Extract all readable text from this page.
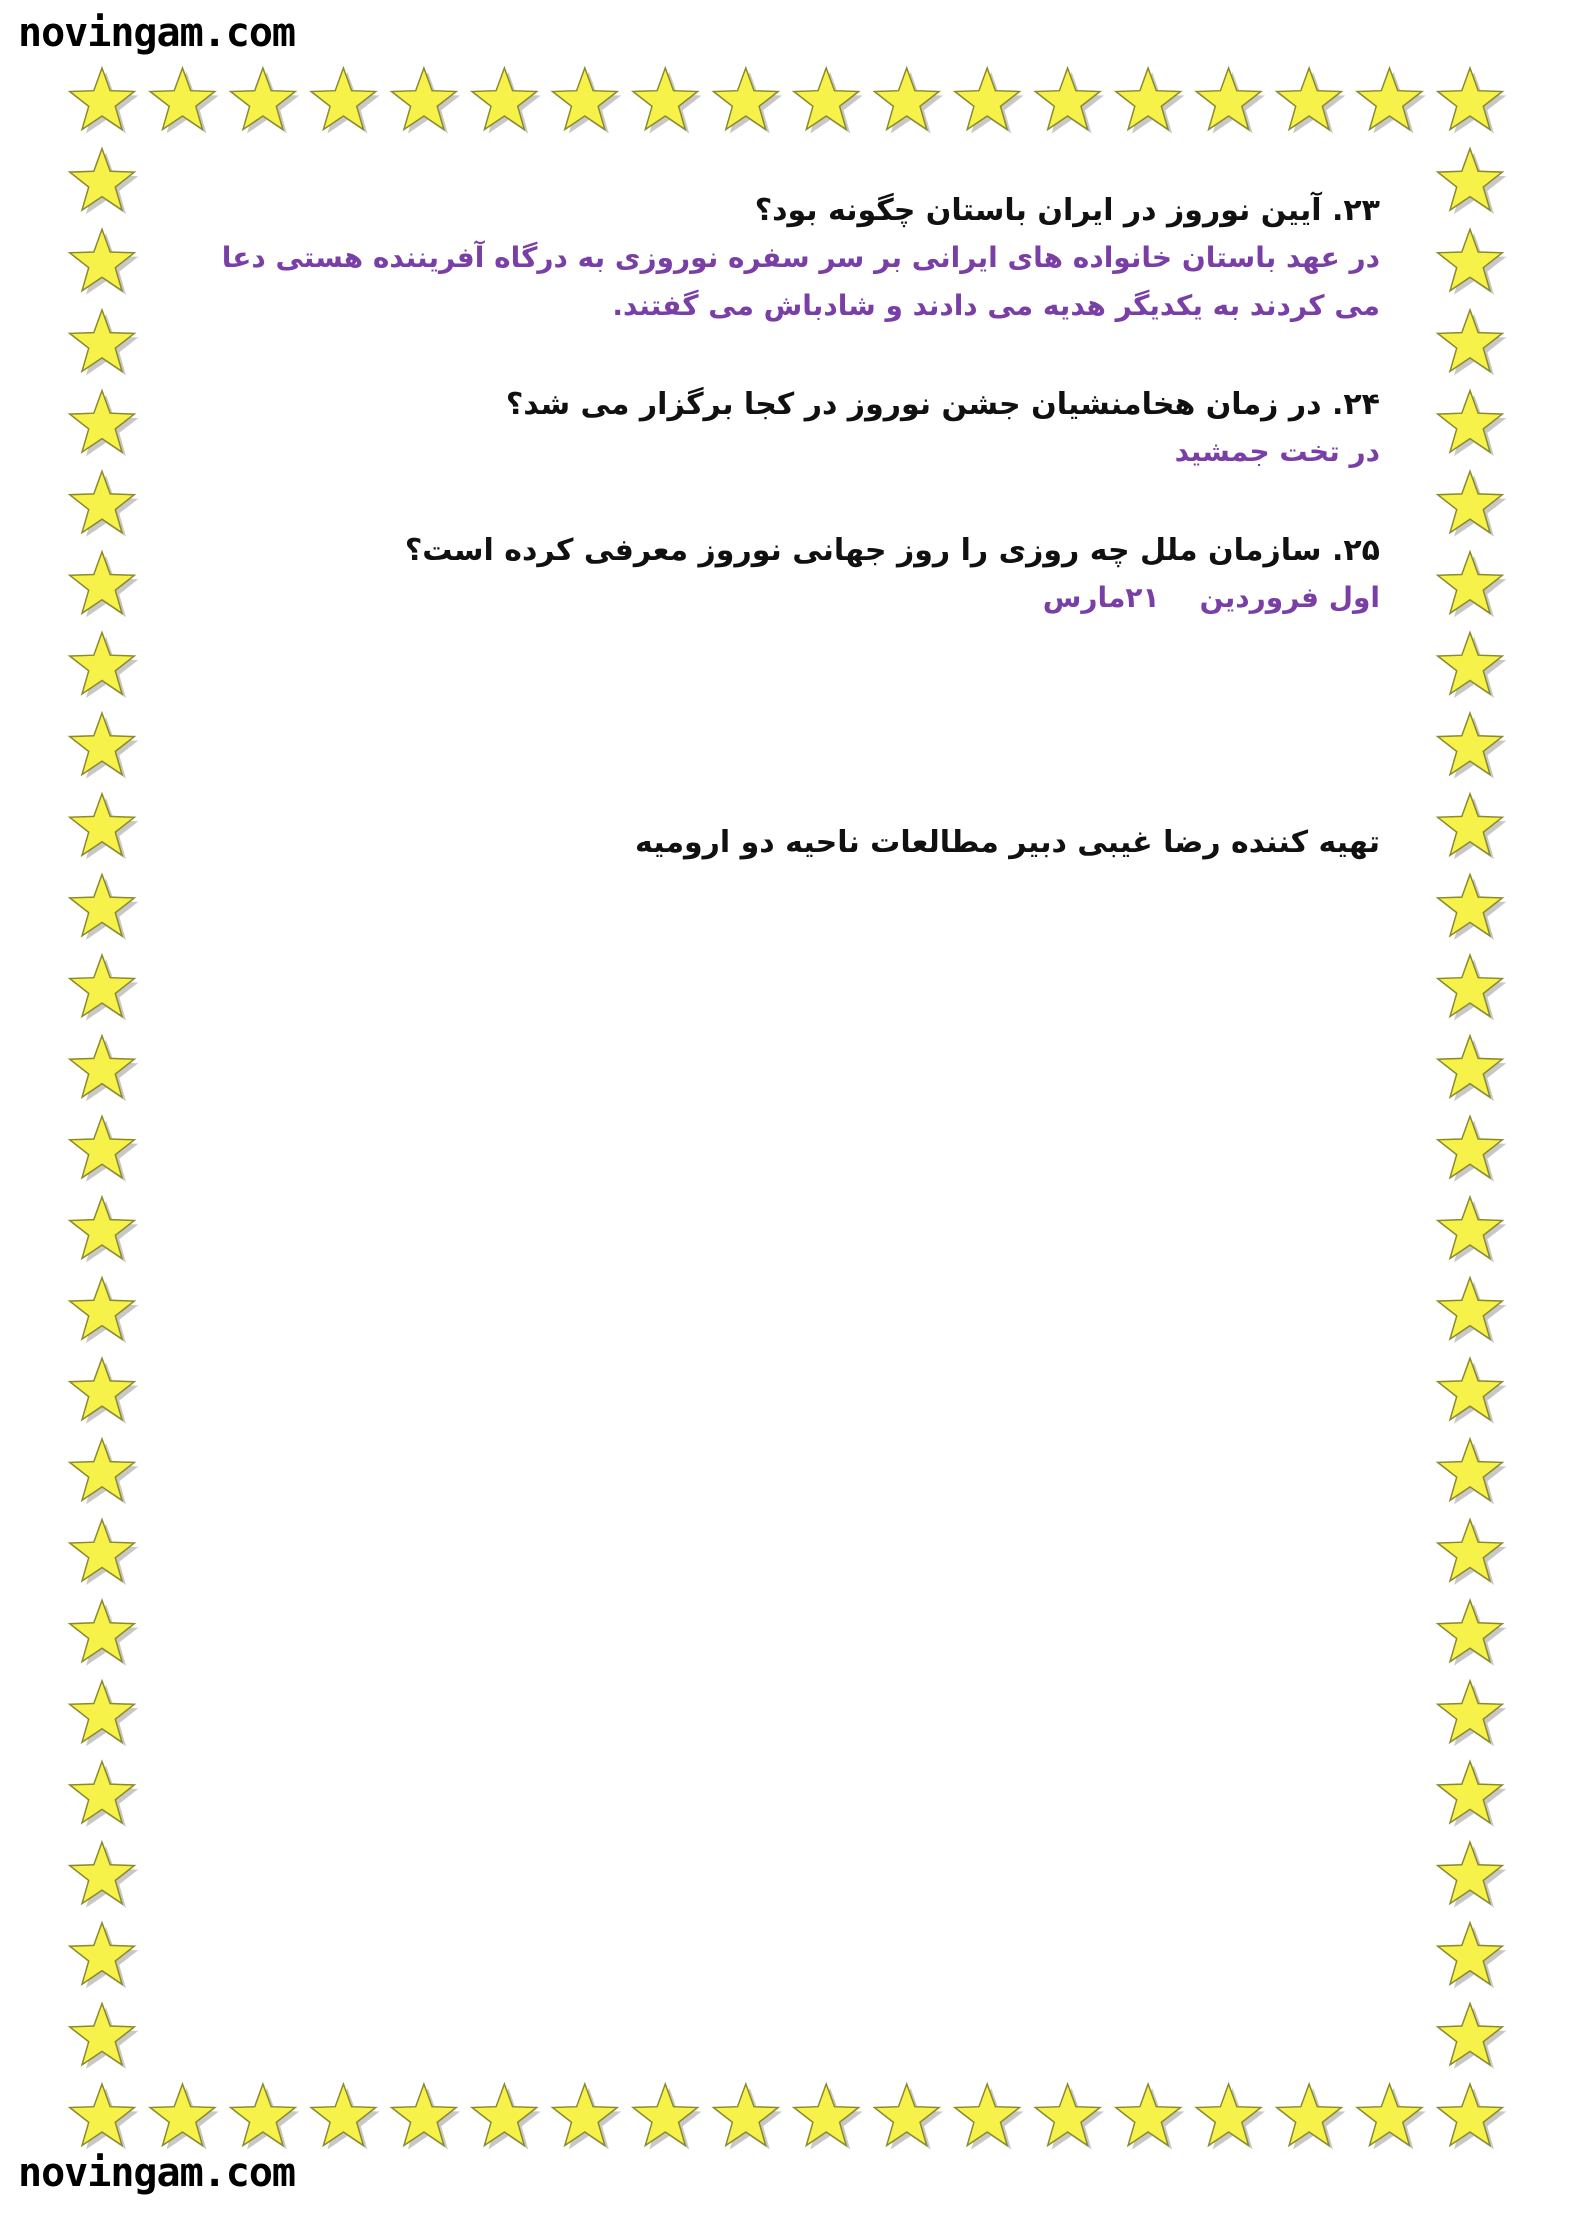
novingam.com
۲۳. آیین نوروز در ایران باستان چگونه بود؟
در عهد باستان خانواده های ایرانی بر سر سفره نوروزی به درگاه آفریننده هستی دعا می کردند به یکدیگر هدیه می دادند و شادباش می گفتند.
۲۴. در زمان هخامنشیان جشن نوروز در کجا برگزار می شد؟
در تخت جمشید
۲۵. سازمان ملل چه روزی را روز جهانی نوروز معرفی کرده است؟
اول فروردین۲۱مارس
تهیه کننده رضا غیبی دبیر مطالعات ناحیه دو ارومیه
novingam.com
